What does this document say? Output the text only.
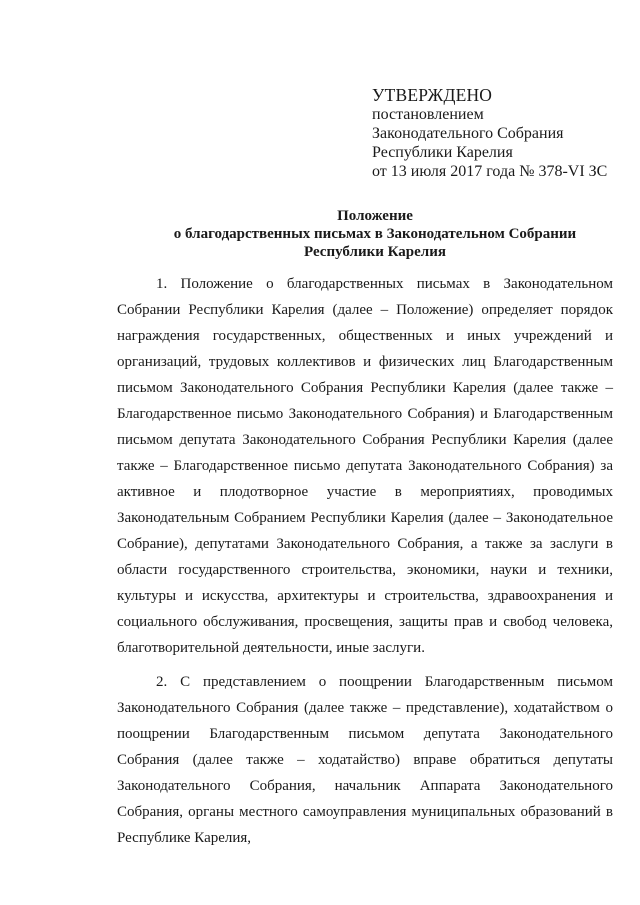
УТВЕРЖДЕНО
постановлением
Законодательного Собрания
Республики Карелия
от 13 июля 2017 года № 378-VI ЗС
Положение
о благодарственных письмах в Законодательном Собрании
Республики Карелия

1. Положение о благодарственных письмах в Законодательном Собрании Республики Карелия (далее – Положение) определяет порядок награждения государственных, общественных и иных учреждений и организаций, трудовых коллективов и физических лиц Благодарственным письмом Законодательного Собрания Республики Карелия (далее также – Благодарственное письмо Законодательного Собрания) и Благодарственным письмом депутата Законодательного Собрания Республики Карелия (далее также – Благодарственное письмо депутата Законодательного Собрания) за активное и плодотворное участие в мероприятиях, проводимых Законодательным Собранием Республики Карелия (далее – Законодательное Собрание), депутатами Законодательного Собрания, а также за заслуги в области государственного строительства, экономики, науки и техники, культуры и искусства, архитектуры и строительства, здравоохранения и социального обслуживания, просвещения, защиты прав и свобод человека, благотворительной деятельности, иные заслуги.

2. С представлением о поощрении Благодарственным письмом Законодательного Собрания (далее также – представление), ходатайством о поощрении Благодарственным письмом депутата Законодательного Собрания (далее также – ходатайство) вправе обратиться депутаты Законодательного Собрания, начальник Аппарата Законодательного Собрания, органы местного самоуправления муниципальных образований в Республике Карелия,
